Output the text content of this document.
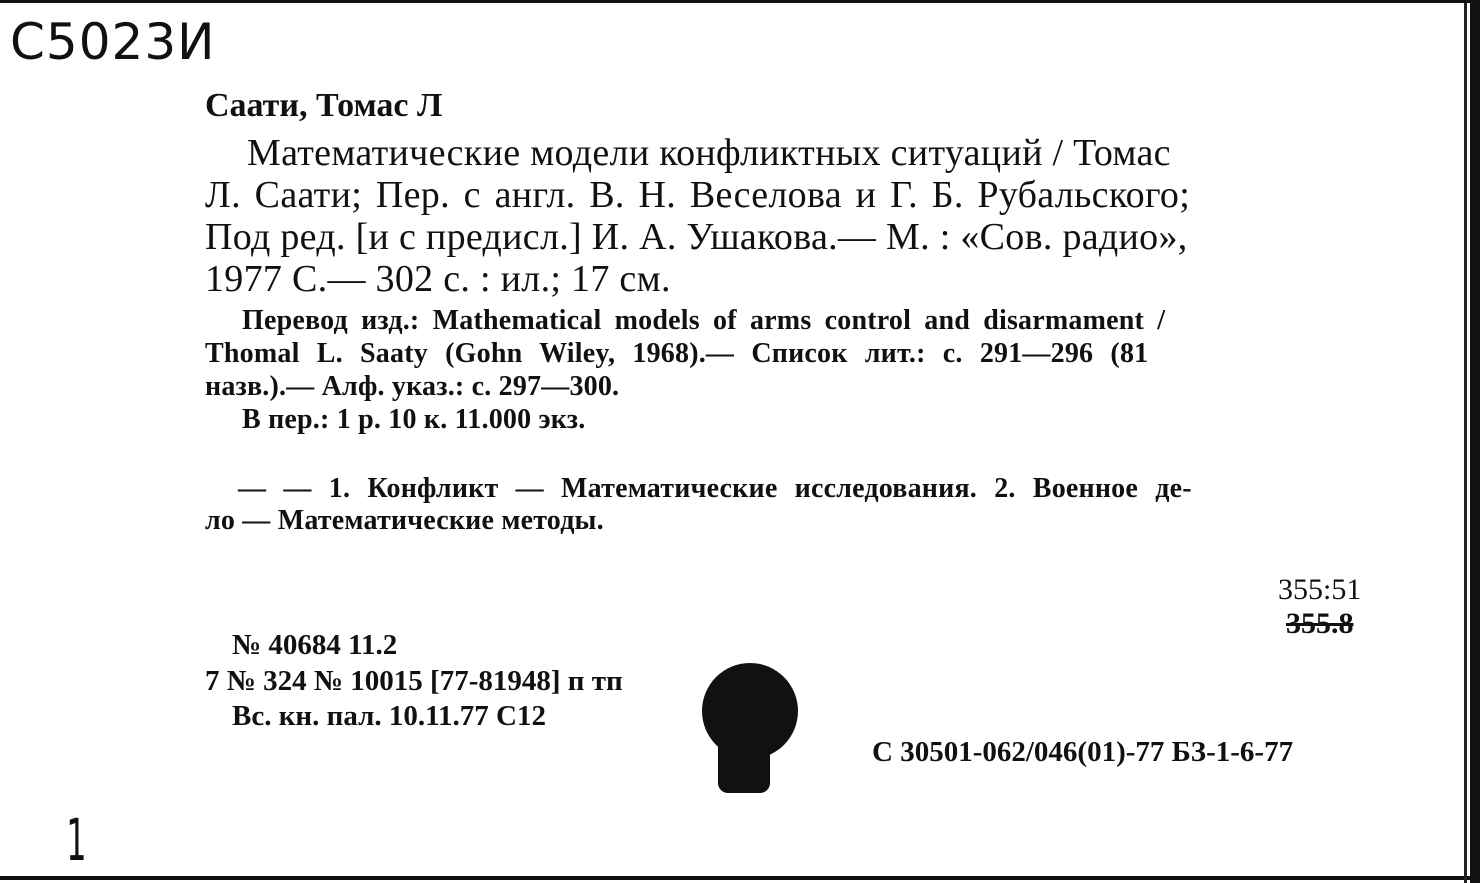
С5023И
Саати, Томас Л
Математические модели конфликтных ситуаций / Томас
Л. Саати; Пер. с англ. В. Н. Веселова и Г. Б. Рубальского;
Под ред. [и с предисл.] И. А. Ушакова.— М. : «Сов. радио»,
1977 С.— 302 с. : ил.; 17 см.
Перевод изд.: Mathematical models of arms control and disarmament /
Thomal L. Saaty (Gohn Wiley, 1968).— Список лит.: с. 291—296 (81
назв.).— Алф. указ.: с. 297—300.
В пер.: 1 р. 10 к. 11.000 экз.
— — 1. Конфликт — Математические исследования. 2. Военное де-
ло — Математические методы.
355:51
355.8
№ 40684 11.2
7 № 324 № 10015 [77-81948] п тп
Вс. кн. пал. 10.11.77 С12
С 30501-062/046(01)-77 БЗ-1-6-77
1
